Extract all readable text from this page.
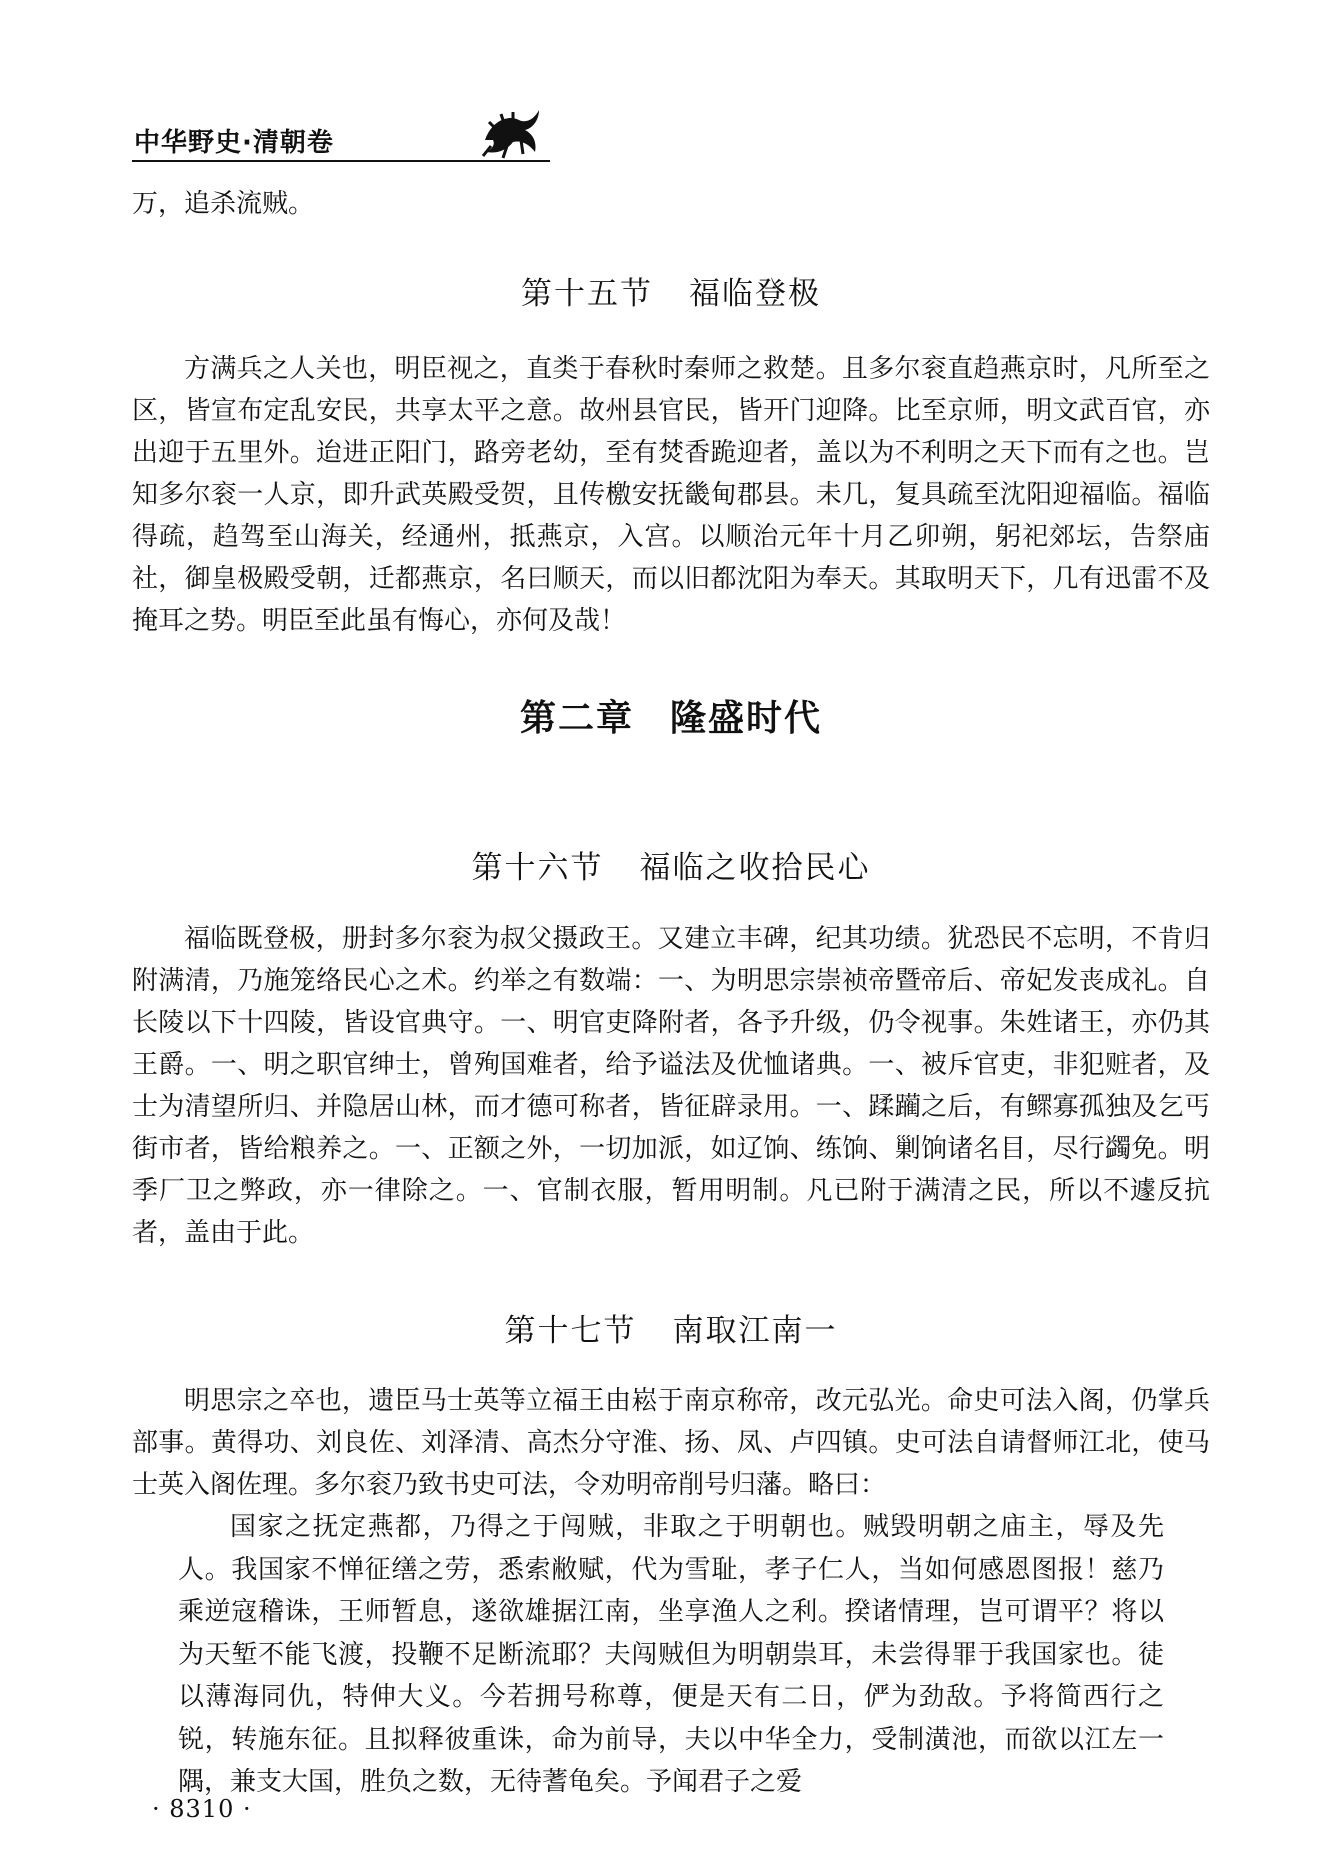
中华野史·清朝卷
万，追杀流贼。
第十五节 福临登极
方满兵之人关也，明臣视之，直类于春秋时秦师之救楚。且多尔衮直趋燕京时，凡所至之区，皆宣布定乱安民，共享太平之意。故州县官民，皆开门迎降。比至京师，明文武百官，亦出迎于五里外。迨进正阳门，路旁老幼，至有焚香跪迎者，盖以为不利明之天下而有之也。岂知多尔衮一人京，即升武英殿受贺，且传檄安抚畿甸郡县。未几，复具疏至沈阳迎福临。福临得疏，趋驾至山海关，经通州，抵燕京，入宫。以顺治元年十月乙卯朔，躬祀郊坛，告祭庙社，御皇极殿受朝，迁都燕京，名曰顺天，而以旧都沈阳为奉天。其取明天下，几有迅雷不及掩耳之势。明臣至此虽有悔心，亦何及哉！
第二章 隆盛时代
第十六节 福临之收拾民心
福临既登极，册封多尔衮为叔父摄政王。又建立丰碑，纪其功绩。犹恐民不忘明，不肯归附满清，乃施笼络民心之术。约举之有数端：一、为明思宗崇祯帝暨帝后、帝妃发丧成礼。自长陵以下十四陵，皆设官典守。一、明官吏降附者，各予升级，仍令视事。朱姓诸王，亦仍其王爵。一、明之职官绅士，曾殉国难者，给予谥法及优恤诸典。一、被斥官吏，非犯赃者，及士为清望所归、并隐居山林，而才德可称者，皆征辟录用。一、蹂躏之后，有鳏寡孤独及乞丐街市者，皆给粮养之。一、正额之外，一切加派，如辽饷、练饷、剿饷诸名目，尽行蠲免。明季厂卫之弊政，亦一律除之。一、官制衣服，暂用明制。凡已附于满清之民，所以不遽反抗者，盖由于此。
第十七节 南取江南一
明思宗之卒也，遗臣马士英等立福王由崧于南京称帝，改元弘光。命史可法入阁，仍掌兵部事。黄得功、刘良佐、刘泽清、高杰分守淮、扬、凤、卢四镇。史可法自请督师江北，使马士英入阁佐理。多尔衮乃致书史可法，令劝明帝削号归藩。略曰：
国家之抚定燕都，乃得之于闯贼，非取之于明朝也。贼毁明朝之庙主，辱及先人。我国家不惮征缮之劳，悉索敝赋，代为雪耻，孝子仁人，当如何感恩图报！慈乃乘逆寇稽诛，王师暂息，遂欲雄据江南，坐享渔人之利。揆诸情理，岂可谓平？将以为天堑不能飞渡，投鞭不足断流耶？夫闯贼但为明朝祟耳，未尝得罪于我国家也。徒以薄海同仇，特伸大义。今若拥号称尊，便是天有二日，俨为劲敌。予将简西行之锐，转施东征。且拟释彼重诛，命为前导，夫以中华全力，受制潢池，而欲以江左一隅，兼支大国，胜负之数，无待蓍龟矣。予闻君子之爱
· 8310 ·
